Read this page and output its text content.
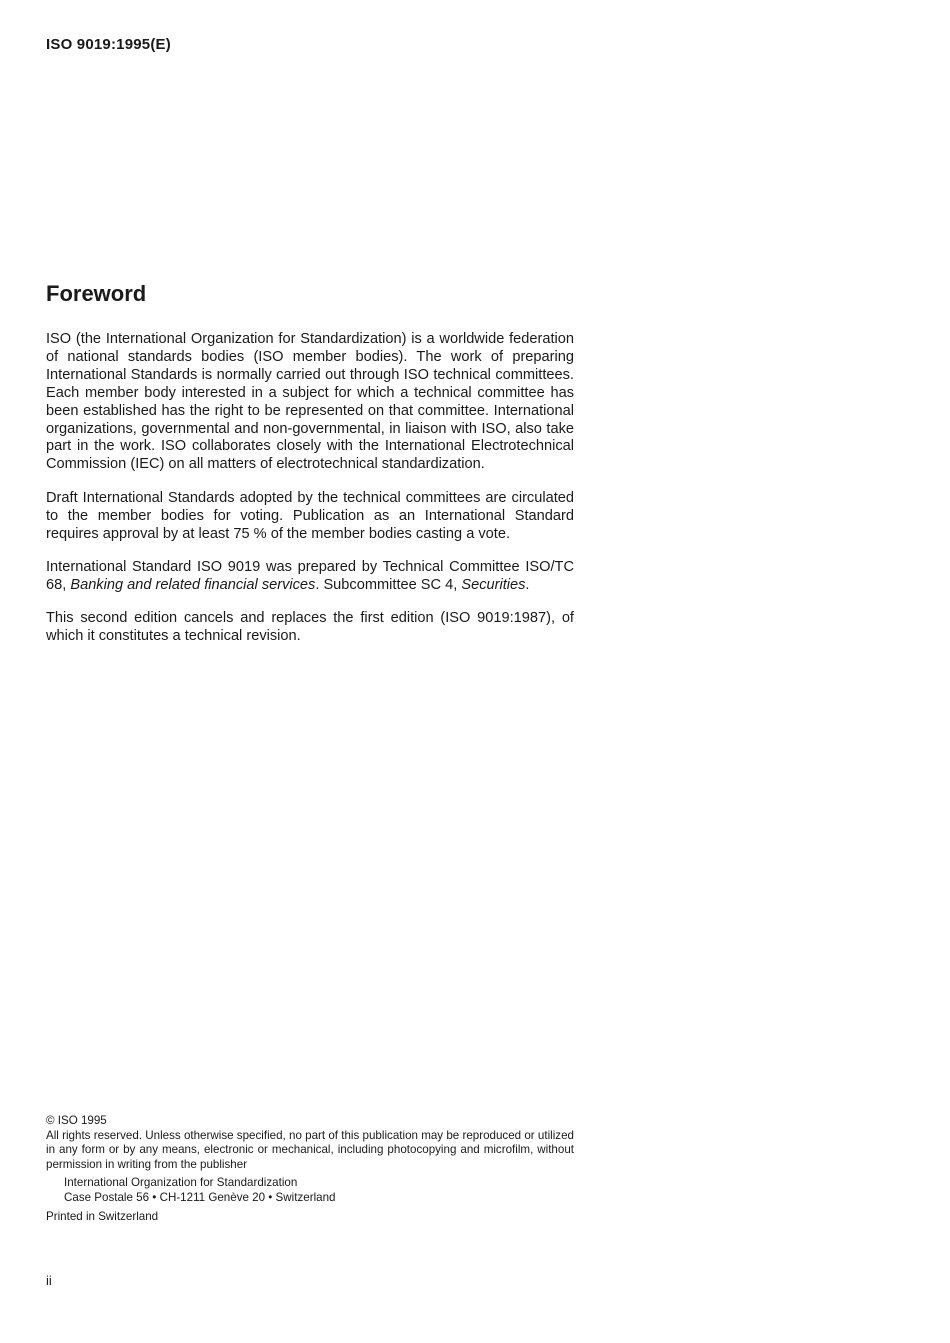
ISO 9019:1995(E)
Foreword

ISO (the International Organization for Standardization) is a worldwide federation of national standards bodies (ISO member bodies). The work of preparing International Standards is normally carried out through ISO technical committees. Each member body interested in a subject for which a technical committee has been established has the right to be represented on that committee. International organizations, governmental and non-governmental, in liaison with ISO, also take part in the work. ISO collaborates closely with the International Electrotechnical Commission (IEC) on all matters of electrotechnical standardization.

Draft International Standards adopted by the technical committees are circulated to the member bodies for voting. Publication as an International Standard requires approval by at least 75 % of the member bodies casting a vote.

International Standard ISO 9019 was prepared by Technical Committee ISO/TC 68, Banking and related financial services. Subcommittee SC 4, Securities.

This second edition cancels and replaces the first edition (ISO 9019:1987), of which it constitutes a technical revision.

© ISO 1995
All rights reserved. Unless otherwise specified, no part of this publication may be reproduced or utilized in any form or by any means, electronic or mechanical, including photocopying and microfilm, without permission in writing from the publisher
International Organization for Standardization
Case Postale 56 • CH-1211 Genève 20 • Switzerland
Printed in Switzerland
ii
